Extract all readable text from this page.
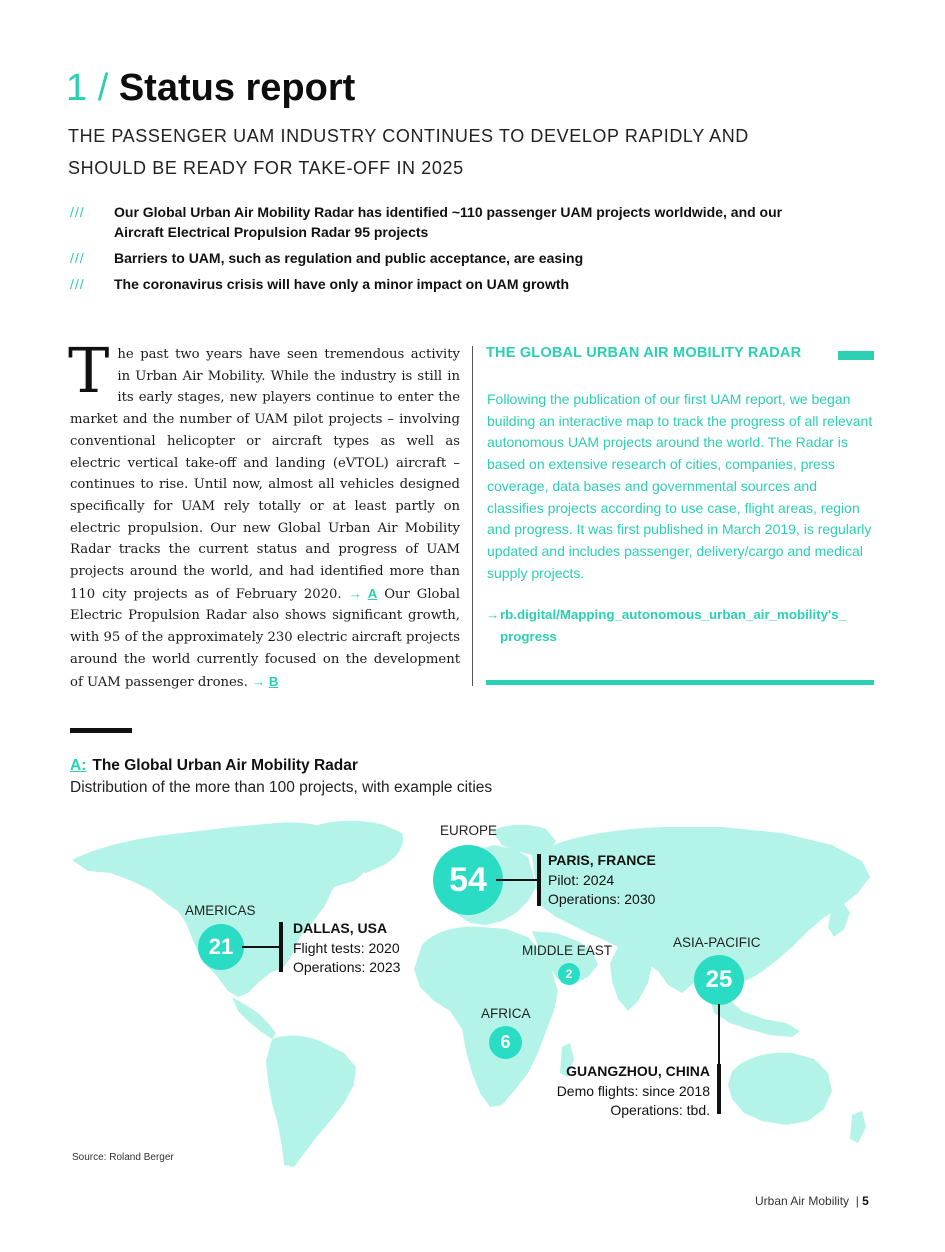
1 / Status report
THE PASSENGER UAM INDUSTRY CONTINUES TO DEVELOP RAPIDLY AND
SHOULD BE READY FOR TAKE-OFF IN 2025
/// Our Global Urban Air Mobility Radar has identified ~110 passenger UAM projects worldwide, and our Aircraft Electrical Propulsion Radar 95 projects
/// Barriers to UAM, such as regulation and public acceptance, are easing
/// The coronavirus crisis will have only a minor impact on UAM growth
T he past two years have seen tremendous activity in Urban Air Mobility. While the industry is still in its early stages, new players continue to enter the market and the number of UAM pilot projects – involving conventional helicopter or aircraft types as well as electric vertical take-off and landing (eVTOL) aircraft – continues to rise. Until now, almost all vehicles designed specifically for UAM rely totally or at least partly on electric propulsion. Our new Global Urban Air Mobility Radar tracks the current status and progress of UAM projects around the world, and had identified more than 110 city projects as of February 2020. → A Our Global Electric Propulsion Radar also shows significant growth, with 95 of the approximately 230 electric aircraft projects around the world currently focused on the development of UAM passenger drones. → B
THE GLOBAL URBAN AIR MOBILITY RADAR
Following the publication of our first UAM report, we began building an interactive map to track the progress of all relevant autonomous UAM projects around the world. The Radar is based on extensive research of cities, companies, press coverage, data bases and governmental sources and classifies projects according to use case, flight areas, region and progress. It was first published in March 2019, is regularly updated and includes passenger, delivery/cargo and medical supply projects.
→rb.digital/Mapping_autonomous_urban_air_mobility's_
progress
A: The Global Urban Air Mobility Radar
Distribution of the more than 100 projects, with example cities
EUROPE
54
AMERICAS
21	MIDDLE EAST
2
ASIA-PACIFIC
25
AFRICA
6
PARIS, FRANCE
Pilot: 2024
Operations: 2030
DALLAS, USA
Flight tests: 2020
Operations: 2023
GUANGZHOU, CHINA
Demo flights: since 2018
Operations: tbd.
Source: Roland Berger
Urban Air Mobility | 5
